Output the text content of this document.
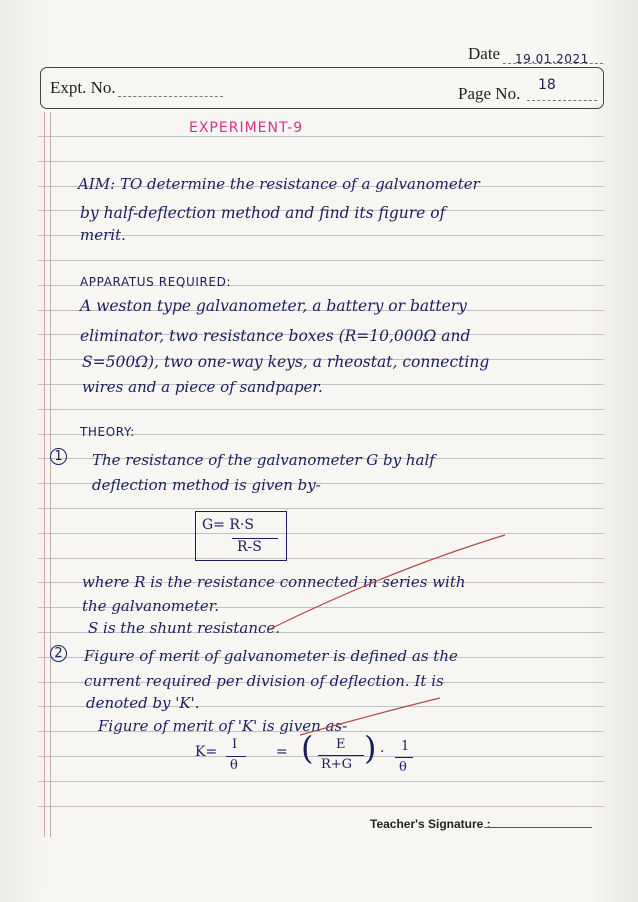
Date 19.01.2021
Expt. No.	Page No. 18
EXPERIMENT-9
AIM: TO determine the resistance of a galvanometer
by half-deflection method and find its figure of
merit.
APPARATUS REQUIRED:
A weston type galvanometer, a battery or battery
eliminator, two resistance boxes (R=10,000Ω and
S=500Ω), two one-way keys, a rheostat, connecting
wires and a piece of sandpaper.
THEORY:
1 The resistance of the galvanometer G by half
deflection method is given by-
G= R·S
R-S
where R is the resistance connected in series with
the galvanometer.
S is the shunt resistance.
2 Figure of merit of galvanometer is defined as the
current required per division of deflection. It is
denoted by 'K'.
Figure of merit of 'K' is given as-
K= I
θ
= ( E
R+G ) · 1
θ
Teacher's Signature :
